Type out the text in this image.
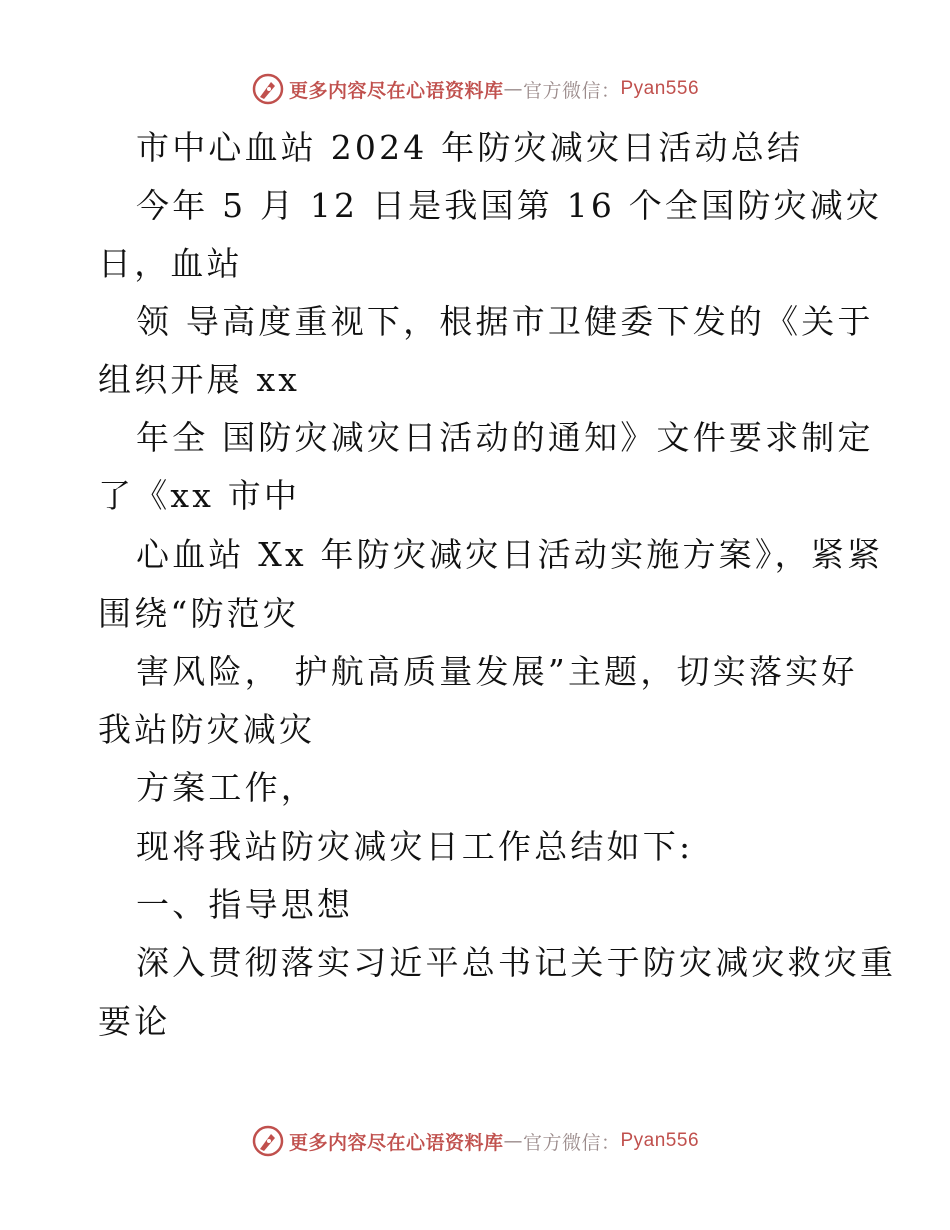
更多内容尽在心语资料库 — 官方微信： Pyan556
市中心血站 2024 年防灾减灾日活动总结
今年 5 月 12 日是我国第 16 个全国防灾减灾
日，血站
领 导高度重视下，根据市卫健委下发的《关于
组织开展 xx
年全 国防灾减灾日活动的通知》文件要求制定
了《xx 市中
心血站 Xx 年防灾减灾日活动实施方案》，紧紧
围绕“防范灾
害风险， 护航高质量发展”主题，切实落实好
我站防灾减灾
方案工作，
现将我站防灾减灾日工作总结如下:
一、指导思想
深入贯彻落实习近平总书记关于防灾减灾救灾重
要论
更多内容尽在心语资料库 — 官方微信： Pyan556
